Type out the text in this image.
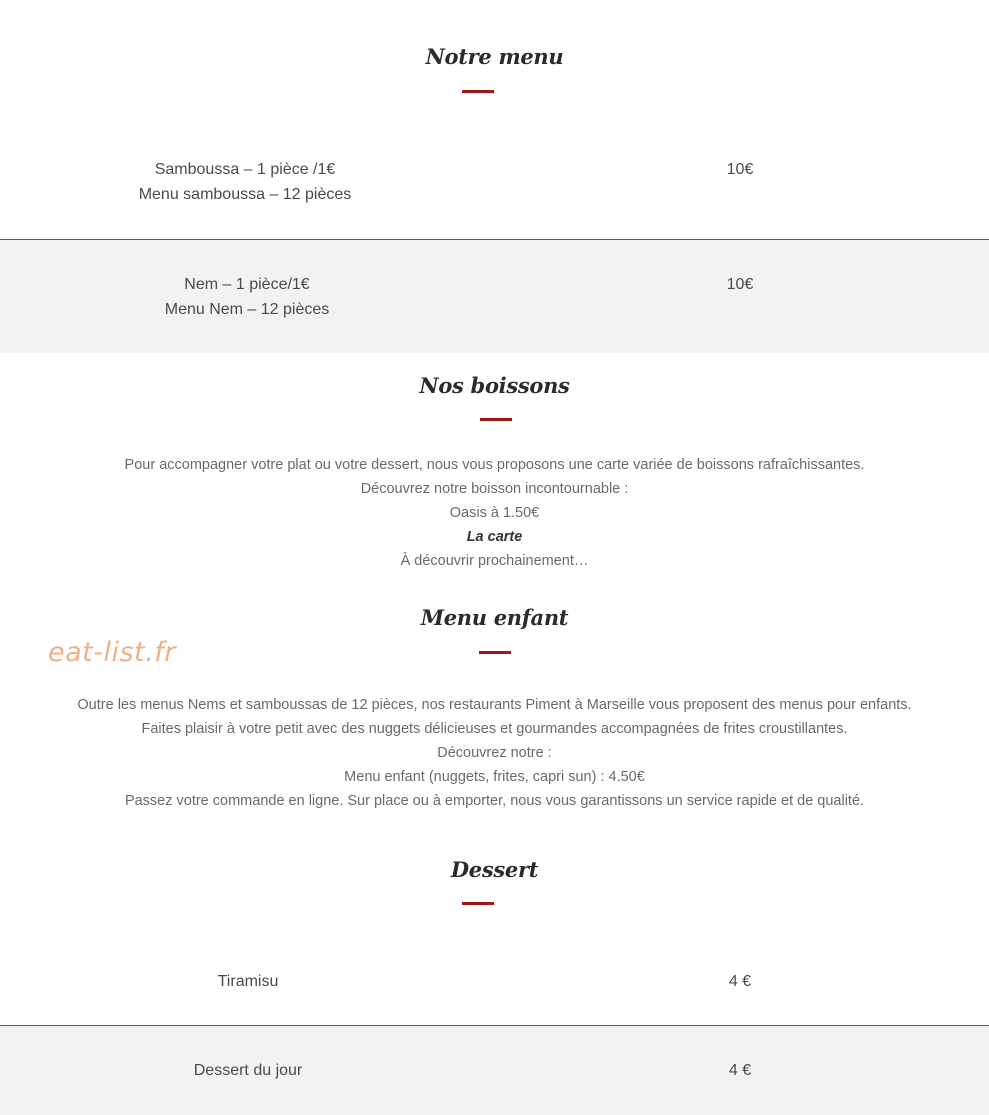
Notre menu
Samboussa – 1 pièce /1€
Menu samboussa – 12 pièces
10€
Nem – 1 pièce/1€
Menu Nem – 12 pièces
10€
Nos boissons
Pour accompagner votre plat ou votre dessert, nous vous proposons une carte variée de boissons rafraîchissantes.
Découvrez notre boisson incontournable :
Oasis à 1.50€
La carte
À découvrir prochainement…
Menu enfant
eat-list.fr
Outre les menus Nems et samboussas de 12 pièces, nos restaurants Piment à Marseille vous proposent des menus pour enfants.
Faites plaisir à votre petit avec des nuggets délicieuses et gourmandes accompagnées de frites croustillantes.
Découvrez notre :
Menu enfant (nuggets, frites, capri sun) : 4.50€
Passez votre commande en ligne. Sur place ou à emporter, nous vous garantissons un service rapide et de qualité.
Dessert
Tiramisu	4 €
Dessert du jour	4 €
